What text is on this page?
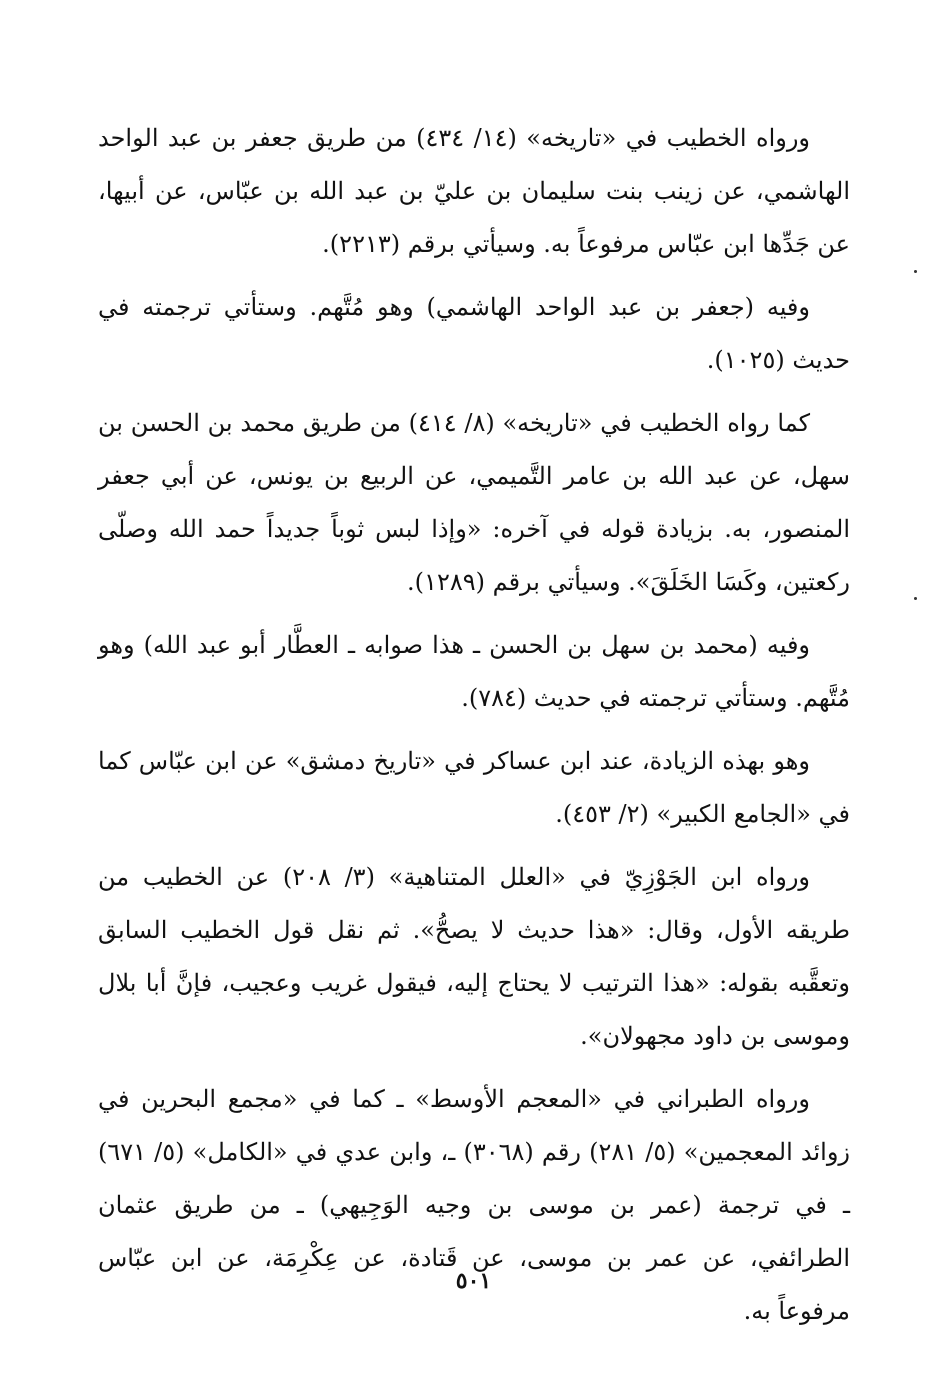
ورواه الخطيب في «تاريخه» (١٤/ ٤٣٤) من طريق جعفر بن عبد الواحد الهاشمي، عن زينب بنت سليمان بن عليّ بن عبد الله بن عبّاس، عن أبيها، عن جَدِّها ابن عبّاس مرفوعاً به. وسيأتي برقم (٢٢١٣).

وفيه (جعفر بن عبد الواحد الهاشمي) وهو مُتَّهم. وستأتي ترجمته في حديث (١٠٢٥).

كما رواه الخطيب في «تاريخه» (٨/ ٤١٤) من طريق محمد بن الحسن بن سهل، عن عبد الله بن عامر التَّميمي، عن الربيع بن يونس، عن أبي جعفر المنصور، به. بزيادة قوله في آخره: «وإذا لبس ثوباً جديداً حمد الله وصلّى ركعتين، وكَسَا الخَلَقَ». وسيأتي برقم (١٢٨٩).

وفيه (محمد بن سهل بن الحسن ـ هذا صوابه ـ العطَّار أبو عبد الله) وهو مُتَّهم. وستأتي ترجمته في حديث (٧٨٤).

وهو بهذه الزيادة، عند ابن عساكر في «تاريخ دمشق» عن ابن عبّاس كما في «الجامع الكبير» (٢/ ٤٥٣).

ورواه ابن الجَوْزِيّ في «العلل المتناهية» (٣/ ٢٠٨) عن الخطيب من طريقه الأول، وقال: «هذا حديث لا يصحُّ». ثم نقل قول الخطيب السابق وتعقَّبه بقوله: «هذا الترتيب لا يحتاج إليه، فيقول غريب وعجيب، فإنَّ أبا بلال وموسى بن داود مجهولان».

ورواه الطبراني في «المعجم الأوسط» ـ كما في «مجمع البحرين في زوائد المعجمين» (٥/ ٢٨١) رقم (٣٠٦٨) ـ، وابن عدي في «الكامل» (٥/ ٦٧١) ـ في ترجمة (عمر بن موسى بن وجيه الوَجِيهي) ـ من طريق عثمان الطرائفي، عن عمر بن موسى، عن قَتادة، عن عِكْرِمَة، عن ابن عبّاس مرفوعاً به.

٥٠١
